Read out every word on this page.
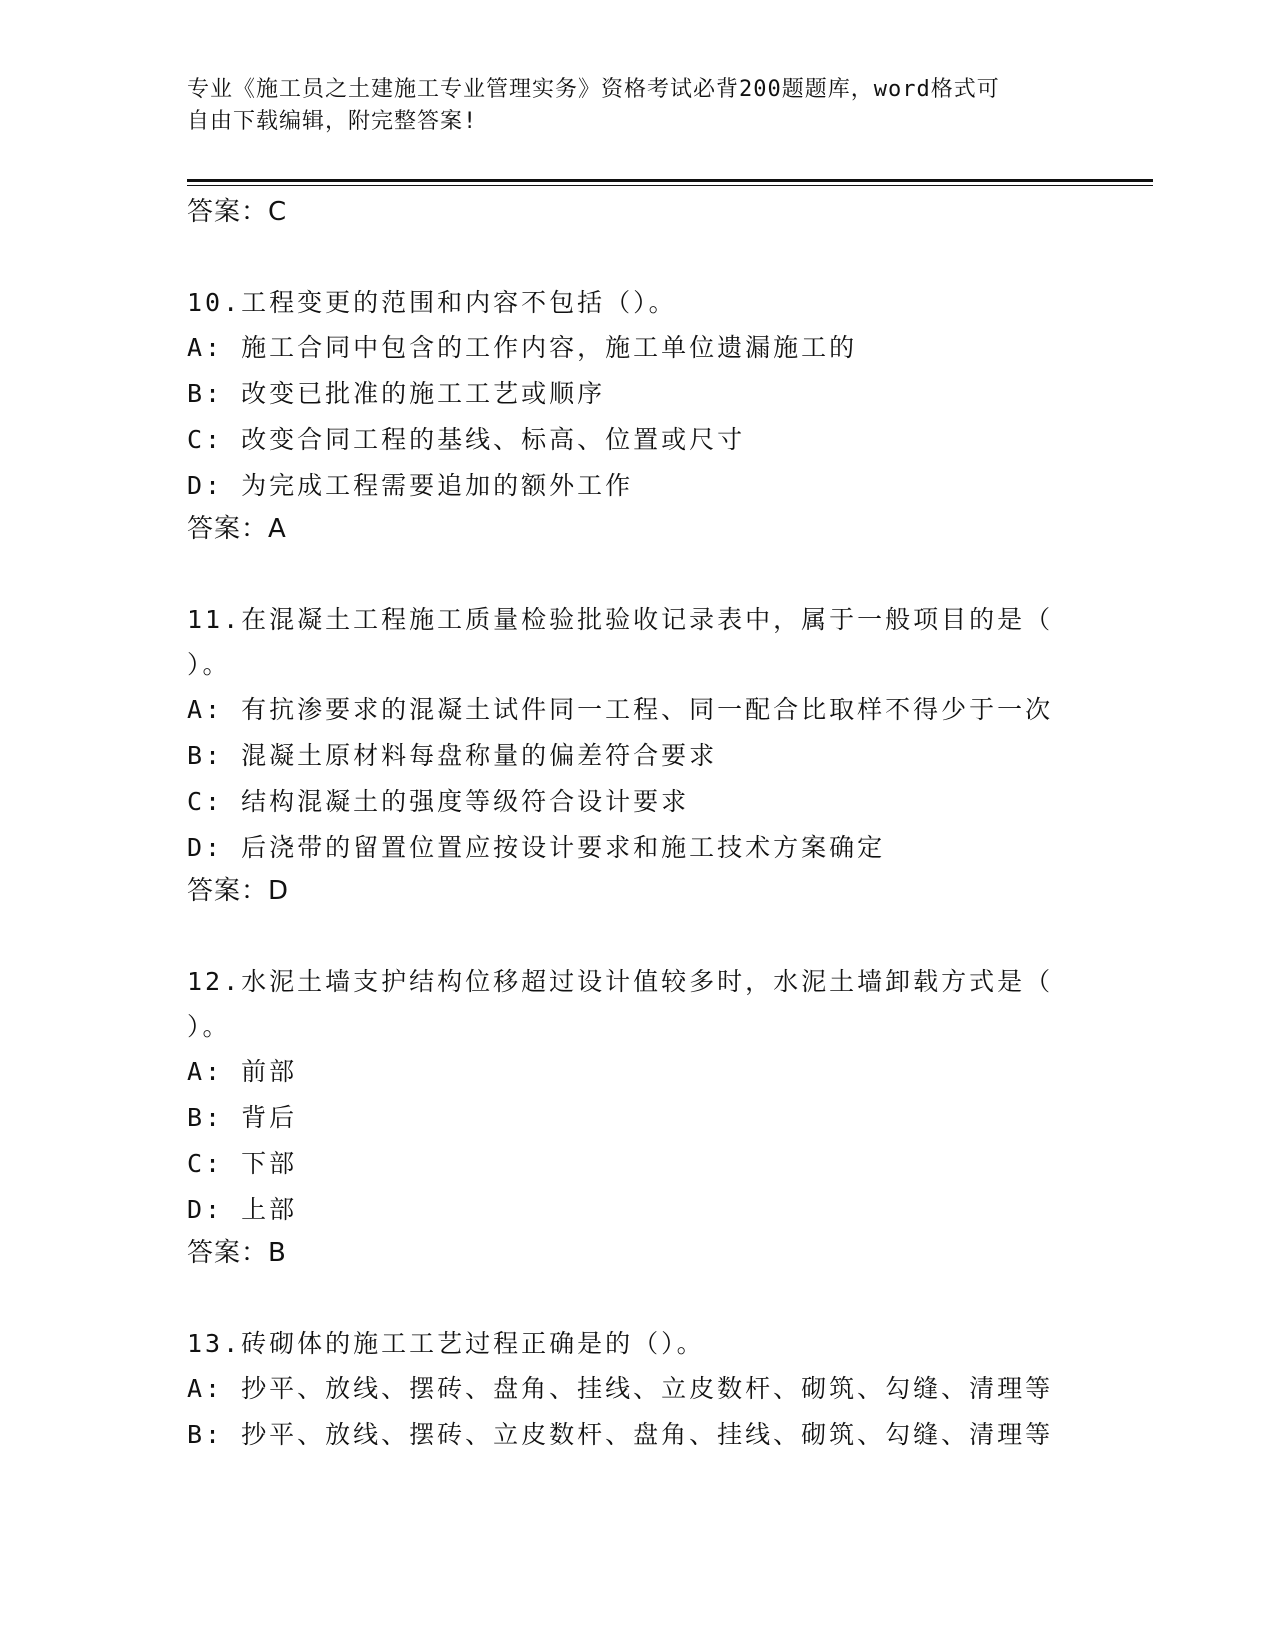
专业《施工员之土建施工专业管理实务》资格考试必背200题题库，word格式可
自由下载编辑，附完整答案!
答案：C
10.工程变更的范围和内容不包括（）。
A: 施工合同中包含的工作内容，施工单位遗漏施工的
B: 改变已批准的施工工艺或顺序
C: 改变合同工程的基线、标高、位置或尺寸
D: 为完成工程需要追加的额外工作
答案：A
11.在混凝土工程施工质量检验批验收记录表中，属于一般项目的是（
）。
A: 有抗渗要求的混凝土试件同一工程、同一配合比取样不得少于一次
B: 混凝土原材料每盘称量的偏差符合要求
C: 结构混凝土的强度等级符合设计要求
D: 后浇带的留置位置应按设计要求和施工技术方案确定
答案：D
12.水泥土墙支护结构位移超过设计值较多时，水泥土墙卸载方式是（
）。
A: 前部
B: 背后
C: 下部
D: 上部
答案：B
13.砖砌体的施工工艺过程正确是的（）。
A: 抄平、放线、摆砖、盘角、挂线、立皮数杆、砌筑、勾缝、清理等
B: 抄平、放线、摆砖、立皮数杆、盘角、挂线、砌筑、勾缝、清理等
